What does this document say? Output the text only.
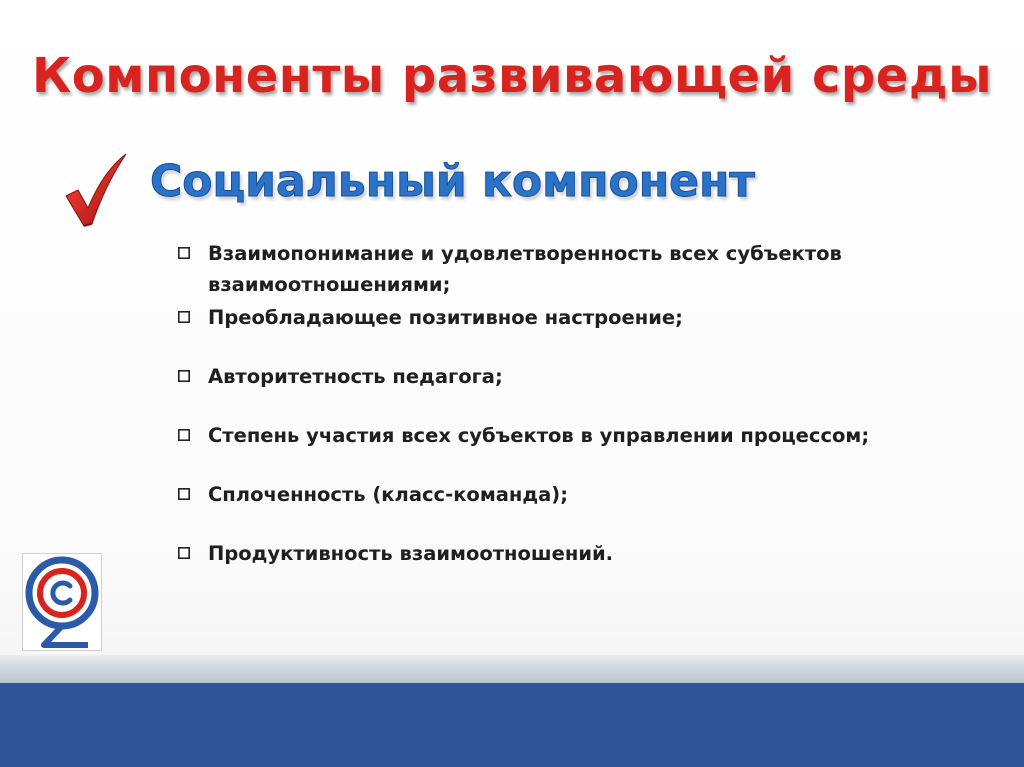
Компоненты развивающей среды
Социальный компонент
Взаимопонимание и удовлетворенность всех субъектов взаимоотношениями;
Преобладающее позитивное настроение;
Авторитетность педагога;
Степень участия всех субъектов в управлении процессом;
Сплоченность (класс-команда);
Продуктивность взаимоотношений.
